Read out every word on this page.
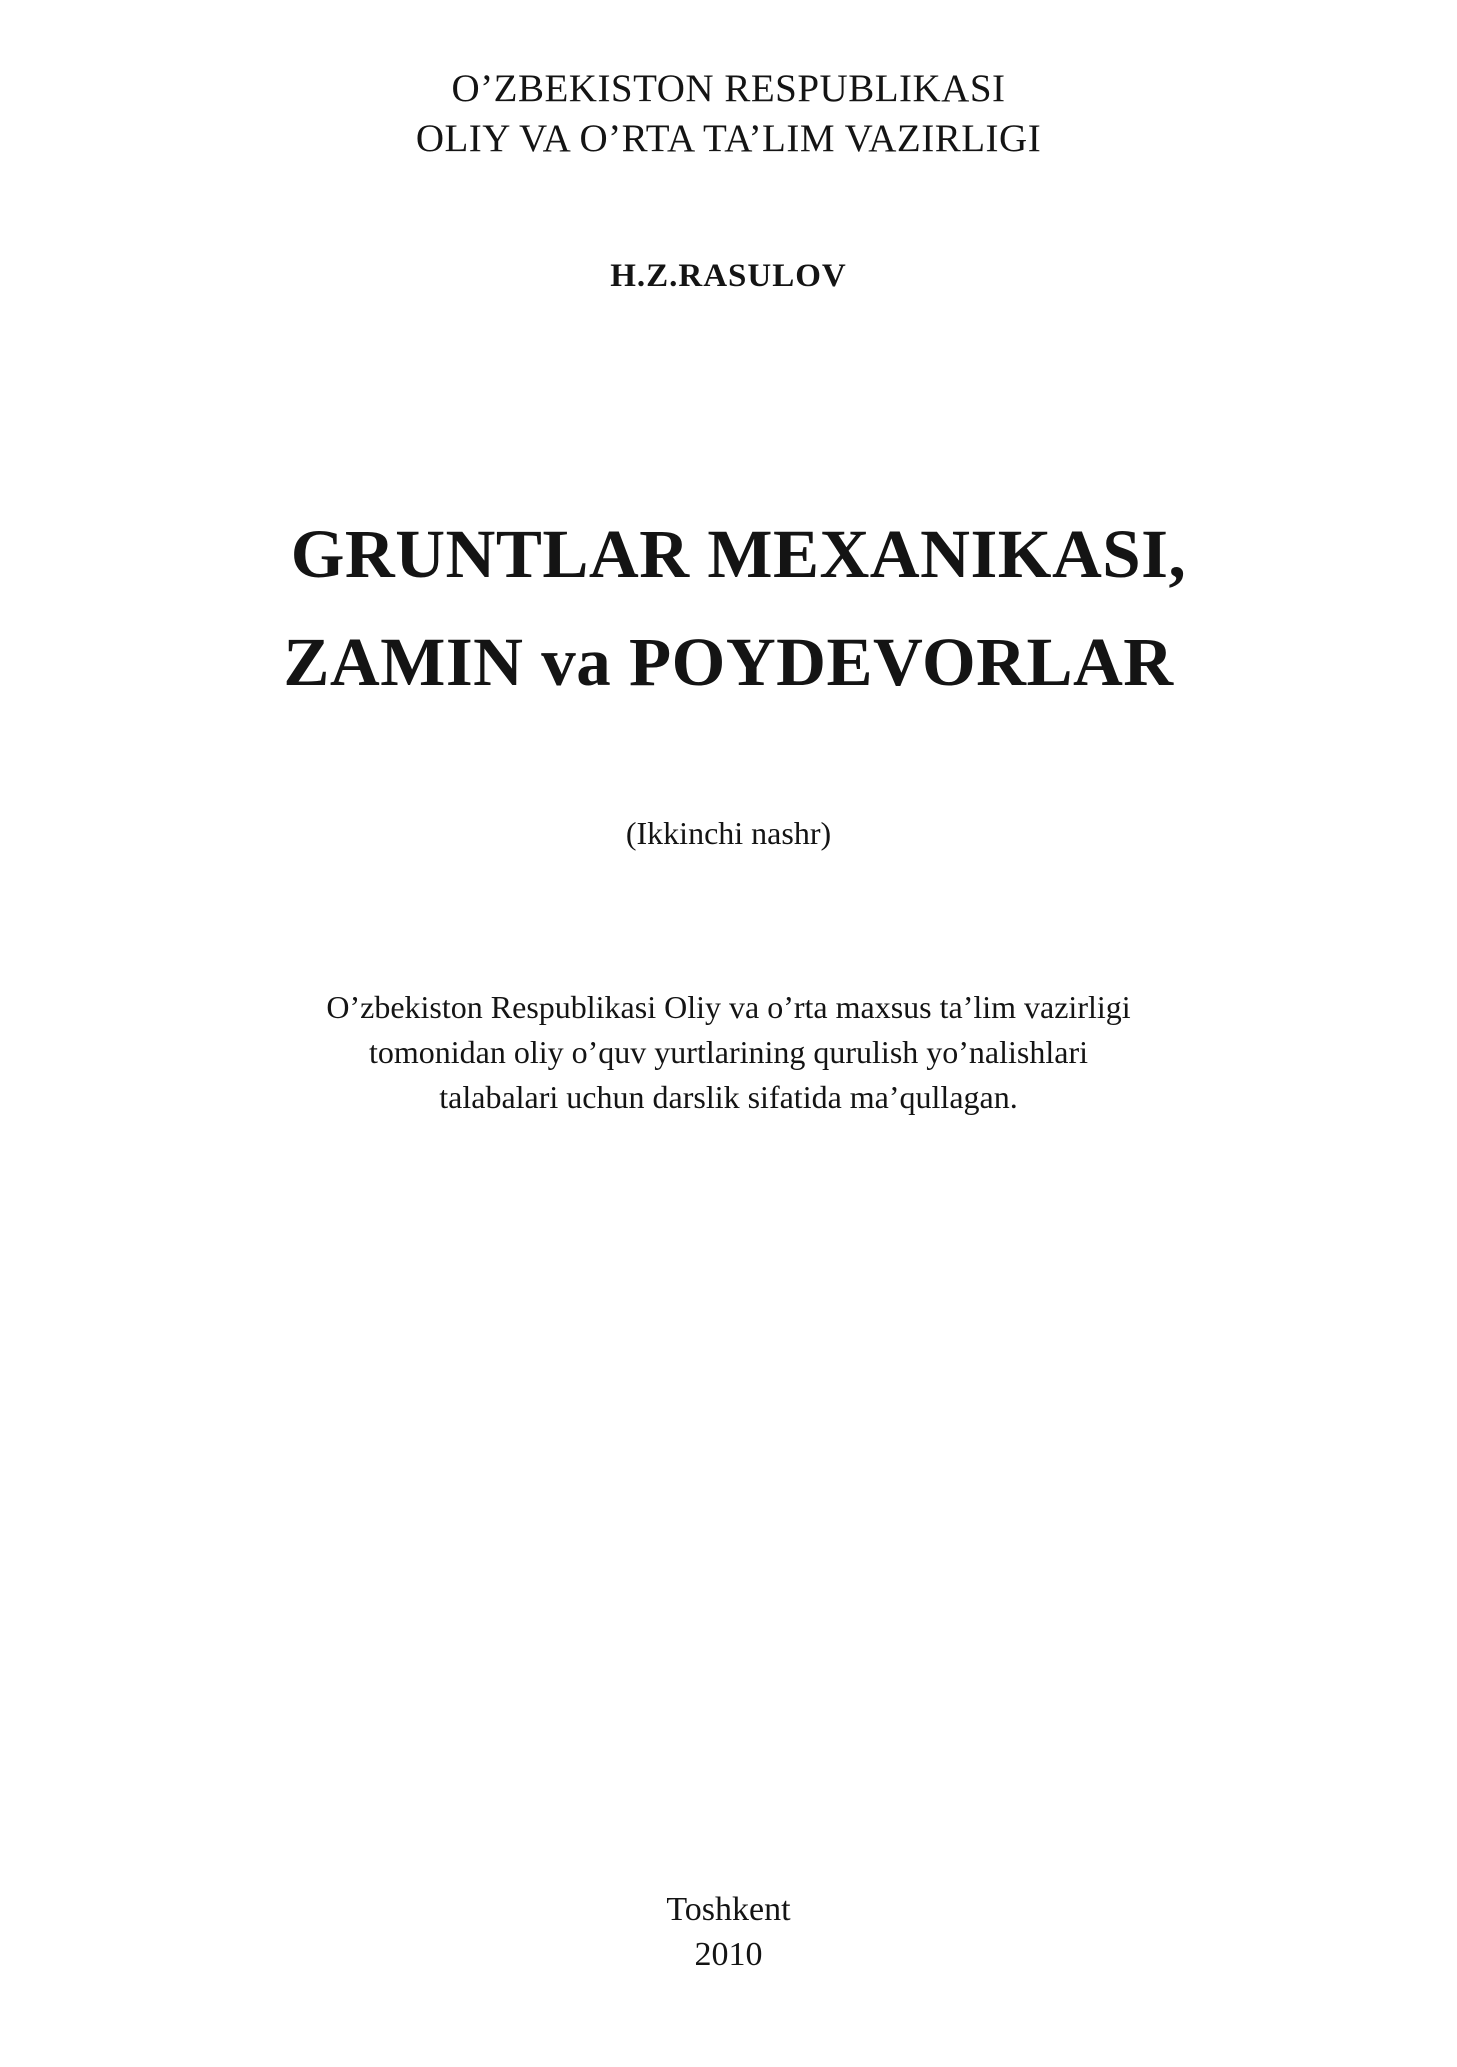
O’ZBEKISTON RESPUBLIKASI
OLIY VA O’RTA TA’LIM VAZIRLIGI
H.Z.RASULOV
GRUNTLAR MEXANIKASI,
ZAMIN va POYDEVORLAR
(Ikkinchi nashr)
O’zbekiston Respublikasi Oliy va o’rta maxsus ta’lim vazirligi
tomonidan oliy o’quv yurtlarining qurulish yo’nalishlari
talabalari uchun darslik sifatida ma’qullagan.
Toshkent
2010
